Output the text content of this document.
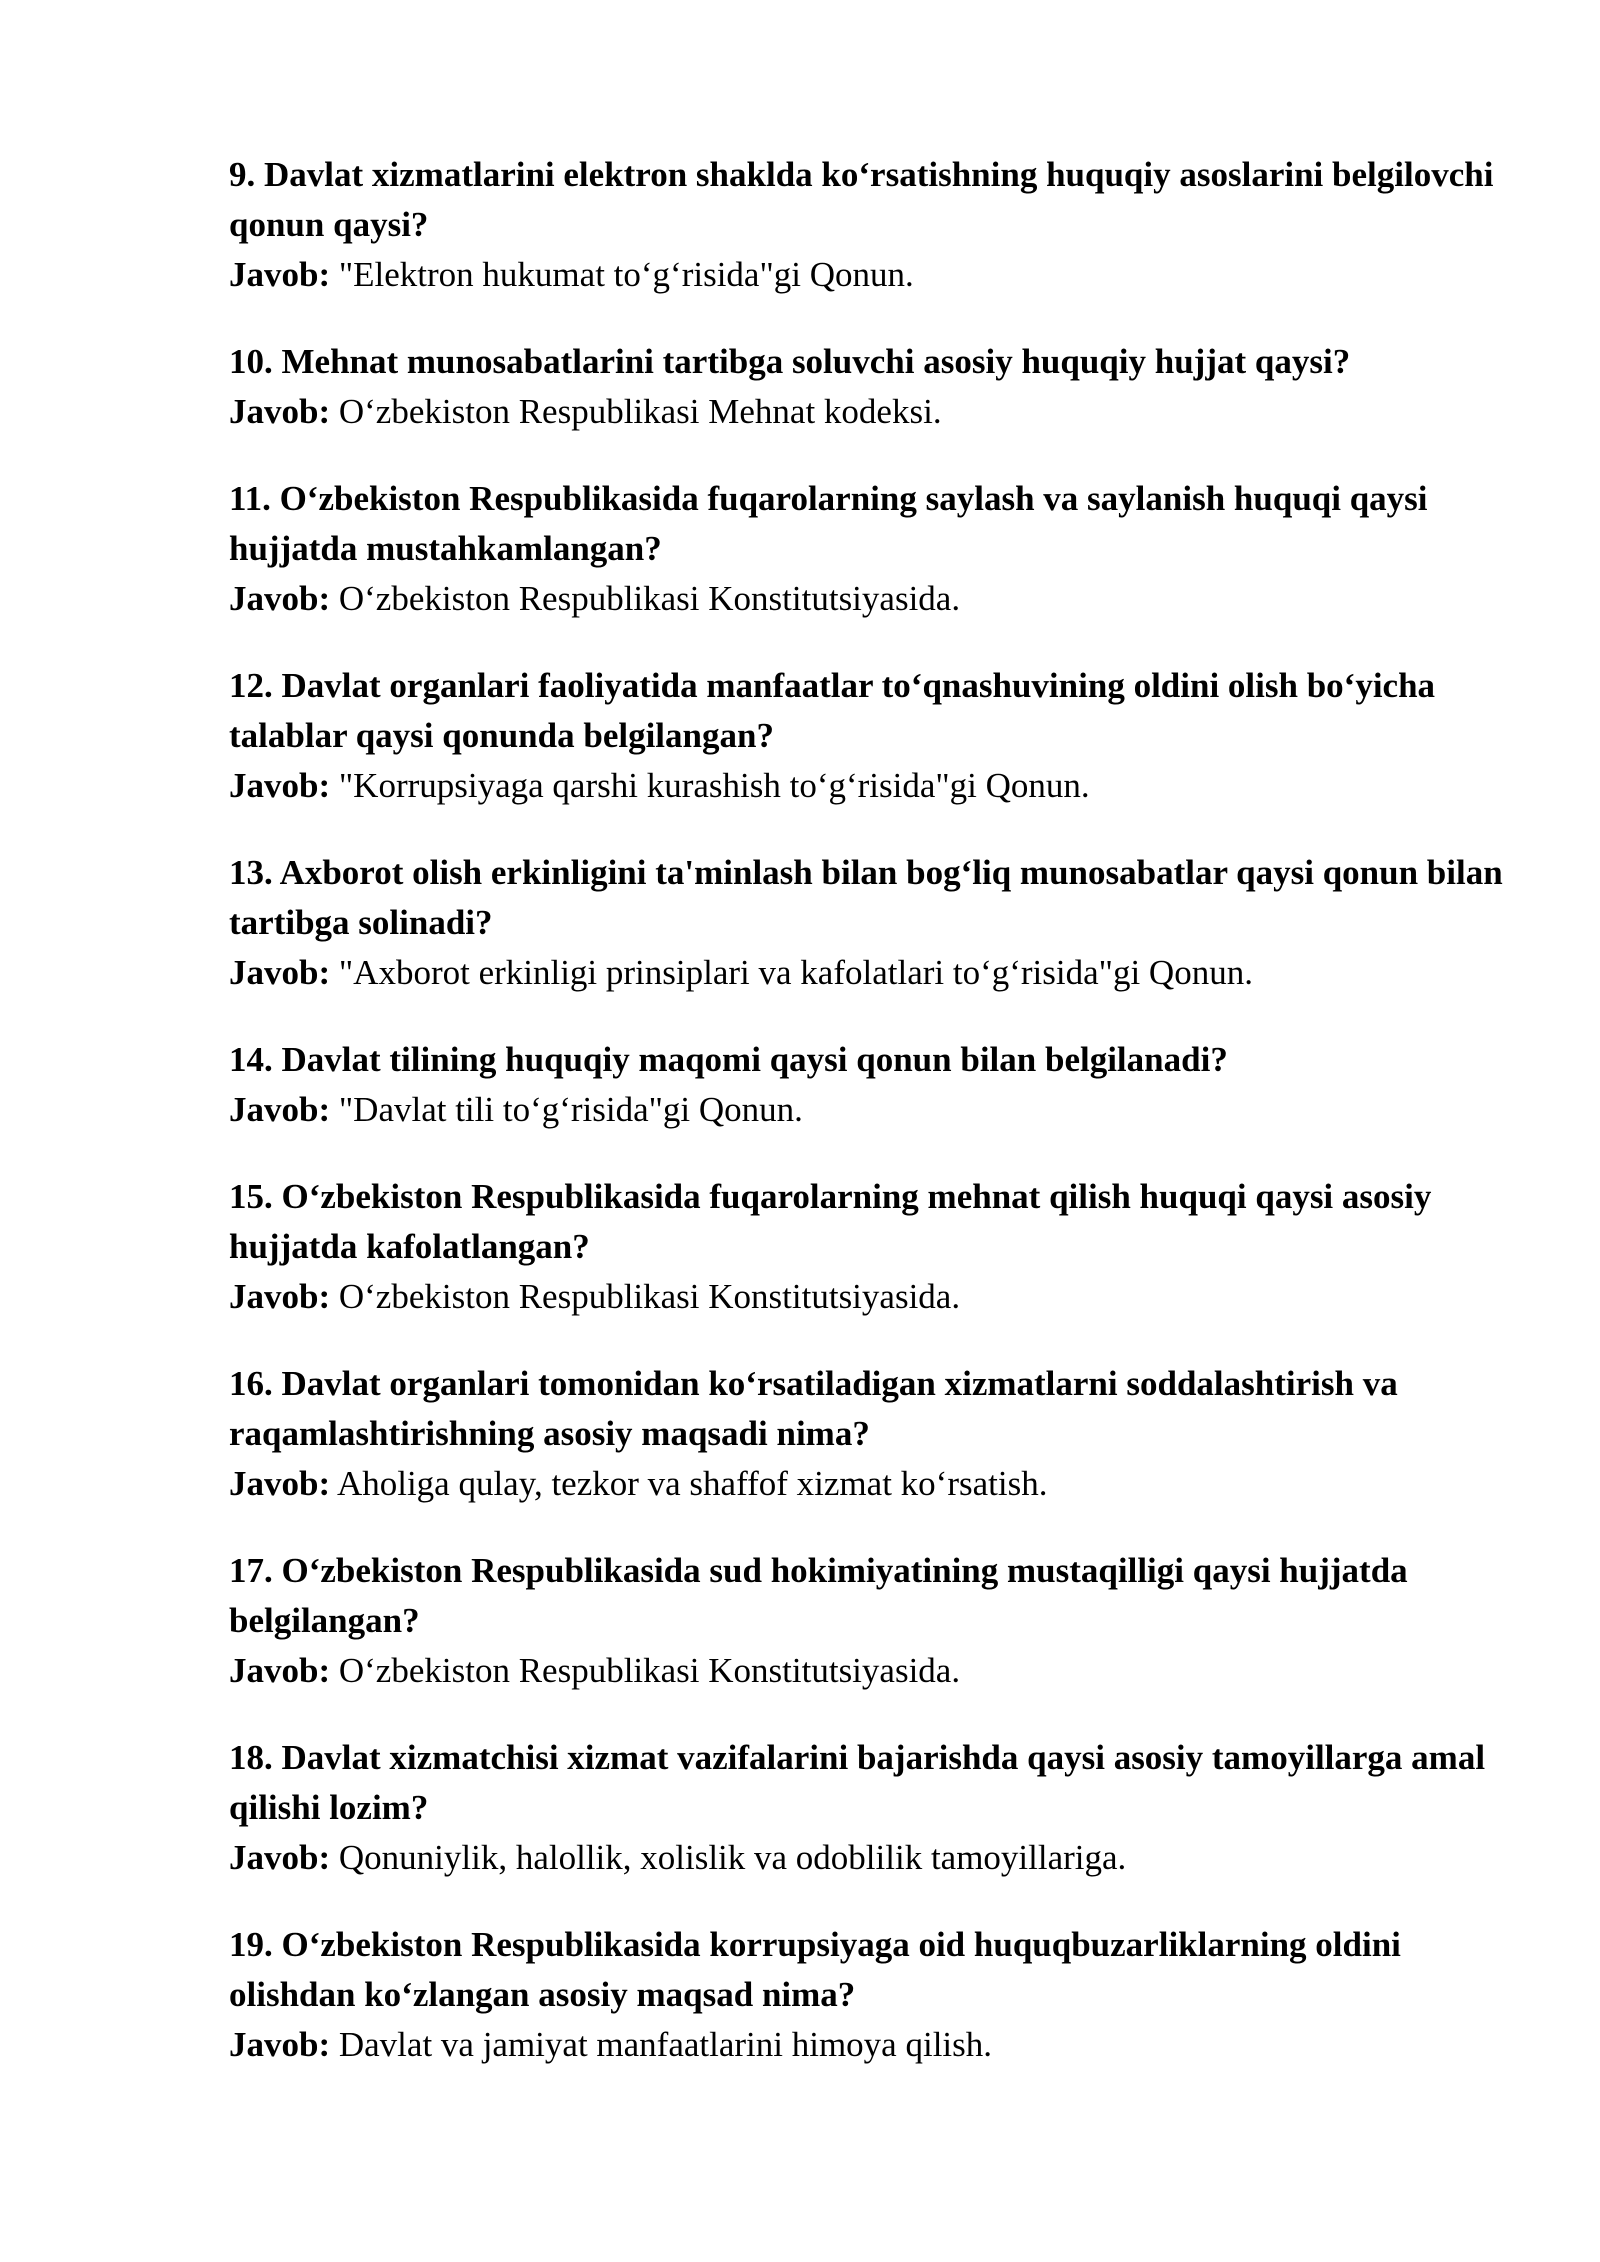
9. Davlat xizmatlarini elektron shaklda ko‘rsatishning huquqiy asoslarini belgilovchi qonun qaysi?

Javob: "Elektron hukumat to‘g‘risida"gi Qonun.

10. Mehnat munosabatlarini tartibga soluvchi asosiy huquqiy hujjat qaysi?

Javob: O‘zbekiston Respublikasi Mehnat kodeksi.

11. O‘zbekiston Respublikasida fuqarolarning saylash va saylanish huquqi qaysi hujjatda mustahkamlangan?

Javob: O‘zbekiston Respublikasi Konstitutsiyasida.

12. Davlat organlari faoliyatida manfaatlar to‘qnashuvining oldini olish bo‘yicha talablar qaysi qonunda belgilangan?

Javob: "Korrupsiyaga qarshi kurashish to‘g‘risida"gi Qonun.

13. Axborot olish erkinligini ta'minlash bilan bog‘liq munosabatlar qaysi qonun bilan tartibga solinadi?

Javob: "Axborot erkinligi prinsiplari va kafolatlari to‘g‘risida"gi Qonun.

14. Davlat tilining huquqiy maqomi qaysi qonun bilan belgilanadi?

Javob: "Davlat tili to‘g‘risida"gi Qonun.

15. O‘zbekiston Respublikasida fuqarolarning mehnat qilish huquqi qaysi asosiy hujjatda kafolatlangan?

Javob: O‘zbekiston Respublikasi Konstitutsiyasida.

16. Davlat organlari tomonidan ko‘rsatiladigan xizmatlarni soddalashtirish va raqamlashtirishning asosiy maqsadi nima?

Javob: Aholiga qulay, tezkor va shaffof xizmat ko‘rsatish.

17. O‘zbekiston Respublikasida sud hokimiyatining mustaqilligi qaysi hujjatda belgilangan?

Javob: O‘zbekiston Respublikasi Konstitutsiyasida.

18. Davlat xizmatchisi xizmat vazifalarini bajarishda qaysi asosiy tamoyillarga amal qilishi lozim?

Javob: Qonuniylik, halollik, xolislik va odoblilik tamoyillariga.

19. O‘zbekiston Respublikasida korrupsiyaga oid huquqbuzarliklarning oldini olishdan ko‘zlangan asosiy maqsad nima?

Javob: Davlat va jamiyat manfaatlarini himoya qilish.
